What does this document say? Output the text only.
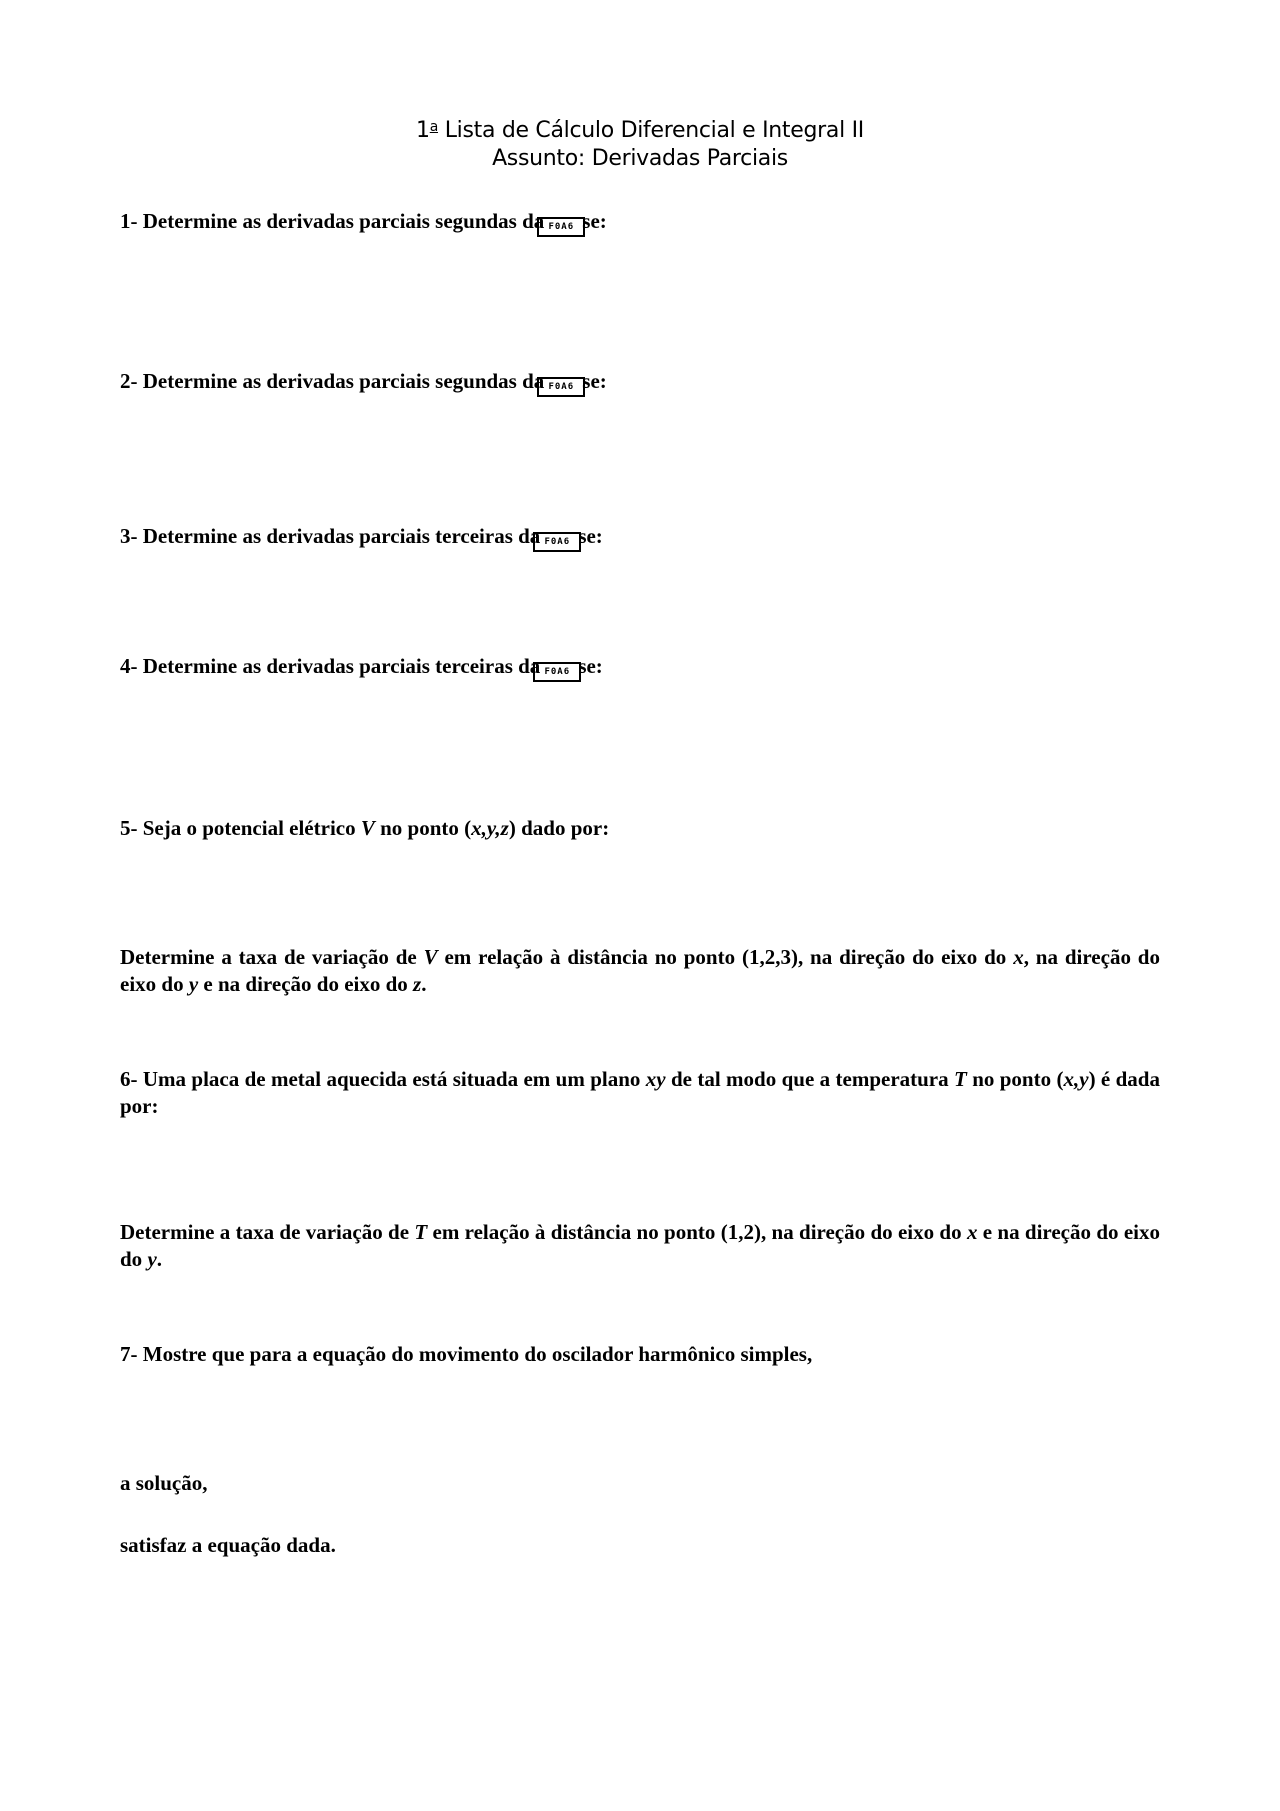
1$^a$ Lista de Cálculo Diferencial e Integral II
Assunto: Derivadas Parciais
1- Determine as derivadas parciais segundas da F0A6 se:
2- Determine as derivadas parciais segundas da F0A6 se:
3- Determine as derivadas parciais terceiras da F0A6 se:
4- Determine as derivadas parciais terceiras da F0A6 se:
5- Seja o potencial elétrico V no ponto (x,y,z) dado por:
Determine a taxa de variação de V em relação à distância no ponto (1,2,3), na direção do eixo do x, na direção do eixo do y e na direção do eixo do z.
6- Uma placa de metal aquecida está situada em um plano xy de tal modo que a temperatura T no ponto (x,y) é dada por:
Determine a taxa de variação de T em relação à distância no ponto (1,2), na direção do eixo do x e na direção do eixo do y.
7- Mostre que para a equação do movimento do oscilador harmônico simples,
a solução,
satisfaz a equação dada.
